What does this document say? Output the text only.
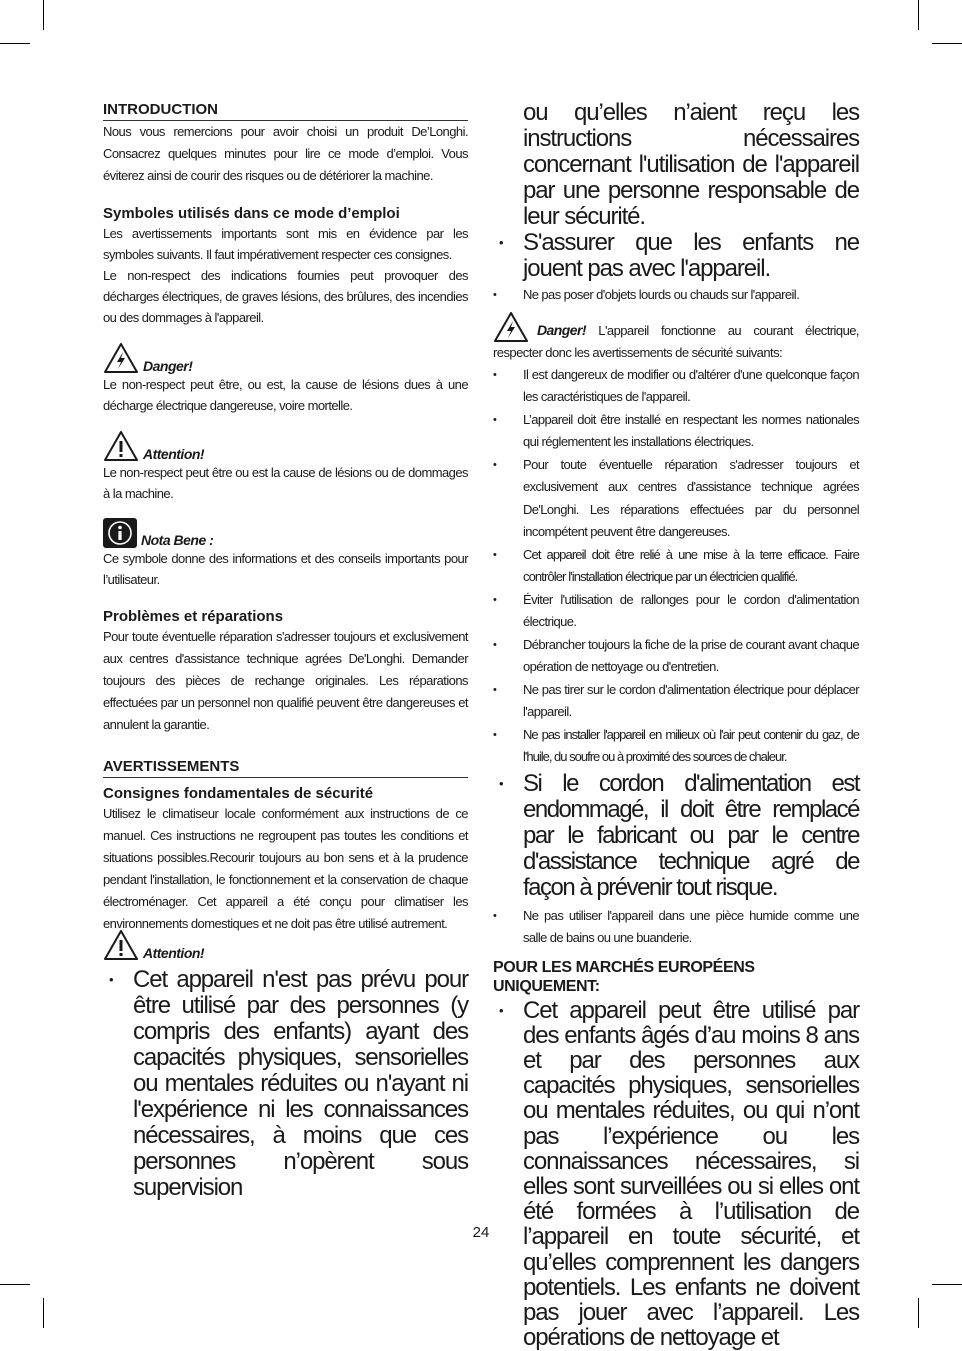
INTRODUCTION

Nous vous remercions pour avoir choisi un produit De’Longhi. Consacrez quelques minutes pour lire ce mode d’emploi. Vous éviterez ainsi de courir des risques ou de détériorer la machine.

Symboles utilisés dans ce mode d’emploi

Les avertissements importants sont mis en évidence par les symboles suivants. Il faut impérativement respecter ces consignes.

Le non-respect des indications fournies peut provoquer des décharges électriques, de graves lésions, des brûlures, des incendies ou des dommages à l'appareil.

Danger!

Le non-respect peut être, ou est, la cause de lésions dues à une décharge électrique dangereuse, voire mortelle.

Attention!

Le non-respect peut être ou est la cause de lésions ou de dommages à la machine.

Nota Bene :

Ce symbole donne des informations et des conseils importants pour l’utilisateur.

Problèmes et réparations

Pour toute éventuelle réparation s'adresser toujours et exclusivement aux centres d'assistance technique agrées De'Longhi. Demander toujours des pièces de rechange originales. Les réparations effectuées par un personnel non qualifié peuvent être dangereuses et annulent la garantie.

AVERTISSEMENTS
Consignes fondamentales de sécurité

Utilisez le climatiseur locale conformément aux instructions de ce manuel. Ces instructions ne regroupent pas toutes les conditions et situations possibles.Recourir toujours au bon sens et à la prudence pendant l'installation, le fonctionnement et la conservation de chaque électroménager. Cet appareil a été conçu pour climatiser les environnements domestiques et ne doit pas être utilisé autrement.

Attention!
• Cet appareil n'est pas prévu pour être utilisé par des personnes (y compris des enfants) ayant des capacités physiques, sensorielles ou mentales réduites ou n'ayant ni l'expérience ni les connaissances nécessaires, à moins que ces personnes n’opèrent sous supervision
ou qu’elles n’aient reçu les instructions nécessaires concernant l'utilisation de l'appareil par une personne responsable de leur sécurité.
• S'assurer que les enfants ne jouent pas avec l'appareil.
• Ne pas poser d'objets lourds ou chauds sur l'appareil.

Danger! L'appareil fonctionne au courant électrique, respecter donc les avertissements de sécurité suivants:

• Il est dangereux de modifier ou d'altérer d'une quelconque façon les caractéristiques de l'appareil.
• L’appareil doit être installé en respectant les normes nationales qui réglementent les installations électriques.
• Pour toute éventuelle réparation s'adresser toujours et exclusivement aux centres d'assistance technique agrées De'Longhi. Les réparations effectuées par du personnel incompétent peuvent être dangereuses.
• Cet appareil doit être relié à une mise à la terre efficace. Faire contrôler l'installation électrique par un électricien qualifié.
• Éviter l'utilisation de rallonges pour le cordon d'alimentation électrique.
• Débrancher toujours la fiche de la prise de courant avant chaque opération de nettoyage ou d'entretien.
• Ne pas tirer sur le cordon d'alimentation électrique pour déplacer l'appareil.
• Ne pas installer l'appareil en milieux où l'air peut contenir du gaz, de l'huile, du soufre ou à proximité des sources de chaleur.
• Si le cordon d'alimentation est endommagé, il doit être remplacé par le fabricant ou par le centre d'assistance technique agré de façon à prévenir tout risque.
• Ne pas utiliser l'appareil dans une pièce humide comme une salle de bains ou une buanderie.
POUR LES MARCHÉS EUROPÉENS UNIQUEMENT:
• Cet appareil peut être utilisé par des enfants âgés d’au moins 8 ans et par des personnes aux capacités physiques, sensorielles ou mentales réduites, ou qui n’ont pas l’expérience ou les connaissances nécessaires, si elles sont surveillées ou si elles ont été formées à l’utilisation de l’appareil en toute sécurité, et qu’elles comprennent les dangers potentiels. Les enfants ne doivent pas jouer avec l’appareil. Les opérations de nettoyage et
24
